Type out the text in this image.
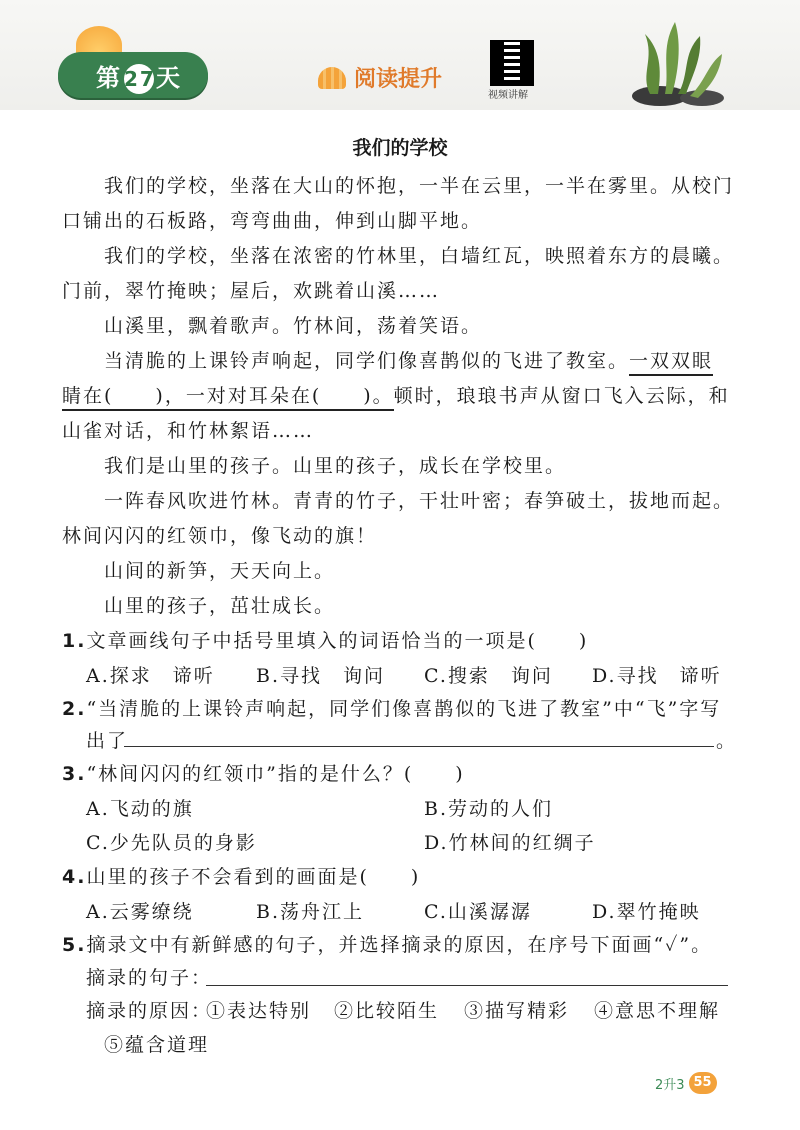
第 27天	阅读提升
视频讲解
我们的学校
我们的学校，坐落在大山的怀抱，一半在云里，一半在雾里。从校门
口铺出的石板路，弯弯曲曲，伸到山脚平地。
我们的学校，坐落在浓密的竹林里，白墙红瓦，映照着东方的晨曦。
门前，翠竹掩映；屋后，欢跳着山溪……
山溪里，飘着歌声。竹林间，荡着笑语。
当清脆的上课铃声响起，同学们像喜鹊似的飞进了教室。一双双眼
睛在(　　)，一对对耳朵在(　　)。顿时，琅琅书声从窗口飞入云际，和
山雀对话，和竹林絮语……
我们是山里的孩子。山里的孩子，成长在学校里。
一阵春风吹进竹林。青青的竹子，干壮叶密；春笋破土，拔地而起。
林间闪闪的红领巾，像飞动的旗！
山间的新笋，天天向上。
山里的孩子，茁壮成长。
1.文章画线句子中括号里填入的词语恰当的一项是(　　)
A.探求　谛听 B.寻找　询问 C.搜索　询问 D.寻找　谛听
2.“当清脆的上课铃声响起，同学们像喜鹊似的飞进了教室”中“飞”字写
出了	。
3.“林间闪闪的红领巾”指的是什么？(　　)
A.飞动的旗	B.劳动的人们
C.少先队员的身影	D.竹林间的红绸子
4.山里的孩子不会看到的画面是(　　)
A.云雾缭绕	B.荡舟江上	C.山溪潺潺	D.翠竹掩映
5.摘录文中有新鲜感的句子，并选择摘录的原因，在序号下面画“✓”。
摘录的句子：
摘录的原因：
①表达特别 ②比较陌生 ③描写精彩 ④意思不理解
⑤蕴含道理
2升3 55
